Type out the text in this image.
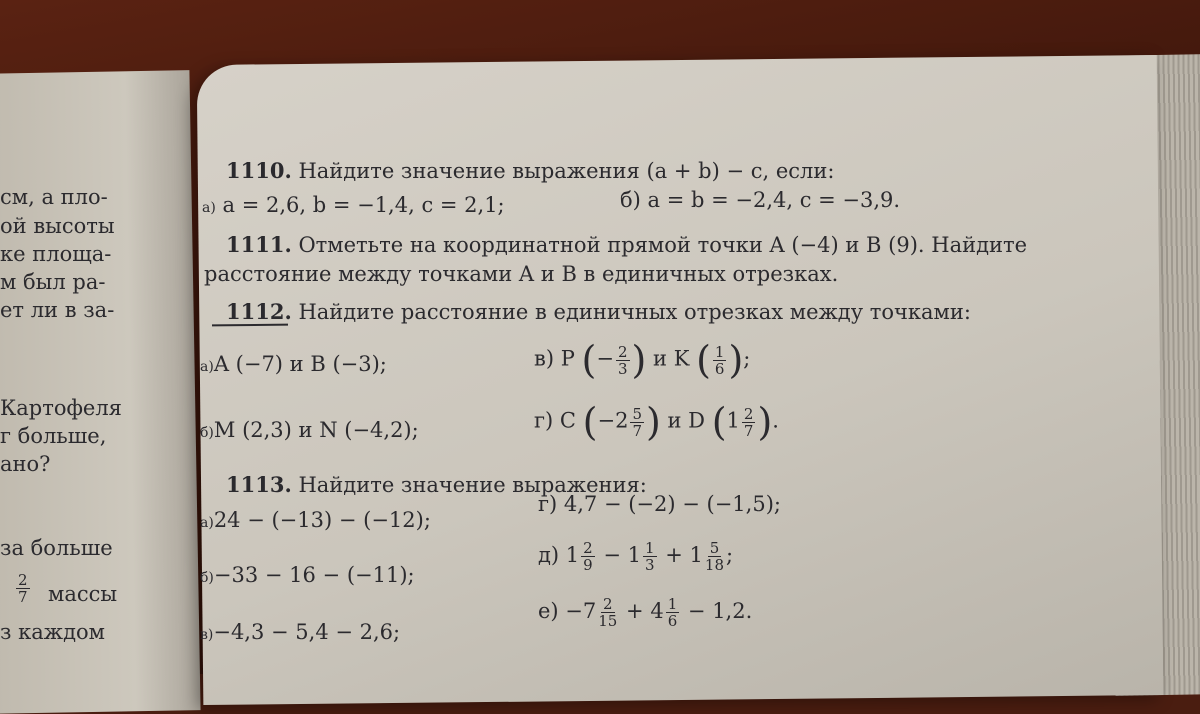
см, а пло-
ой высоты
ке площа-
м был ра-
ет ли в за-
Картофеля
г больше,
ано?
за больше
$\frac{2}{7}$ массы
з каждом
1110. Найдите значение выражения (a + b) − c, если:
а) a = 2,6, b = −1,4, c = 2,1;	б) a = b = −2,4, c = −3,9.
1111. Отметьте на координатной прямой точки A (−4) и B (9). Найдите
расстояние между точками A и B в единичных отрезках.
1112. Найдите расстояние в единичных отрезках между точками:
а)A (−7) и B (−3);
б)M (2,3) и N (−4,2);
в) P (− $\frac{2}{3}$ ) и K ( $\frac{1}{6}$ );
г) C ($-2 \frac{5}{7}$ ) и D ($1 \frac{2}{7}$ ).
1113. Найдите значение выражения:
а)24 − (−13) − (−12);
б)−33 − 16 − (−11);
в)−4,3 − 5,4 − 2,6;
г) 4,7 − (−2) − (−1,5);
д) $1 \frac{2}{9} - 1 \frac{1}{3} + 1 \frac{5}{18}$ ;
$е) -7 \frac{2}{15} + 4 \frac{1}{6} - 1,2$.
